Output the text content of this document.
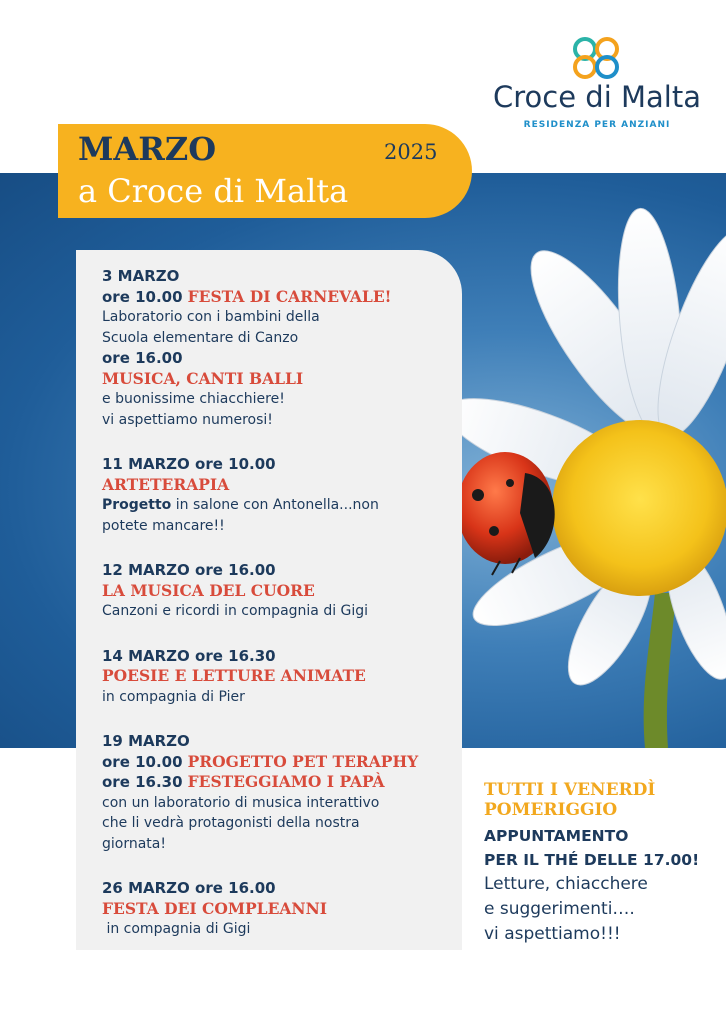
Croce di Malta
RESIDENZA PER ANZIANI
MARZO	2025
a Croce di Malta
3 MARZO
ore 10.00 FESTA DI CARNEVALE!
Laboratorio con i bambini della
Scuola elementare di Canzo
ore 16.00
MUSICA, CANTI BALLI
e buonissime chiacchiere!
vi aspettiamo numerosi!
11 MARZO ore 10.00
ARTETERAPIA
Progetto in salone con Antonella...non
potete mancare!!
12 MARZO ore 16.00
LA MUSICA DEL CUORE
Canzoni e ricordi in compagnia di Gigi
14 MARZO ore 16.30
POESIE E LETTURE ANIMATE
in compagnia di Pier
19 MARZO
ore 10.00 PROGETTO PET TERAPHY
ore 16.30 FESTEGGIAMO I PAPÀ
con un laboratorio di musica interattivo
che li vedrà protagonisti della nostra
giornata!
26 MARZO ore 16.00
FESTA DEI COMPLEANNI
in compagnia di Gigi
TUTTI I VENERDÌ
POMERIGGIO
APPUNTAMENTO
PER IL THÉ DELLE 17.00!
Letture, chiacchere
e suggerimenti….
vi aspettiamo!!!
